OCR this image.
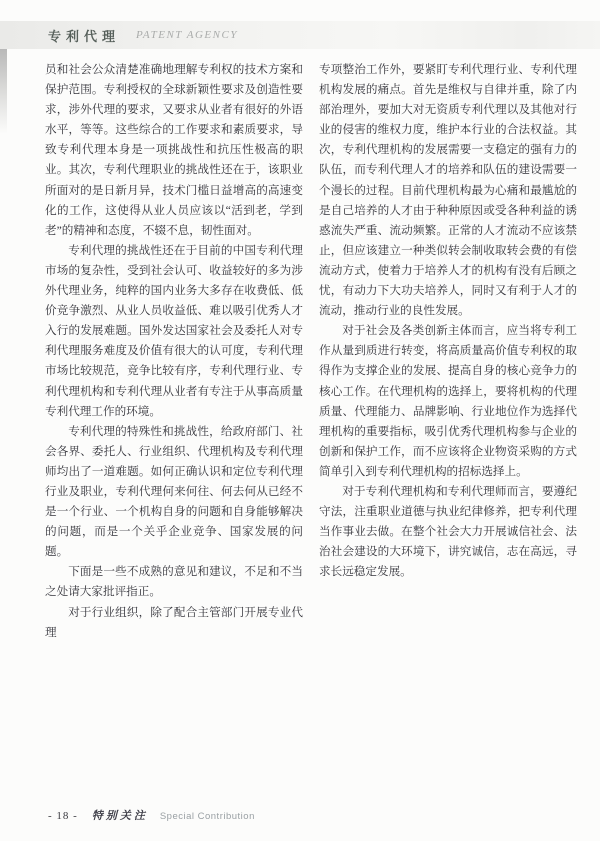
专利代理 PATENT AGENCY

员和社会公众清楚准确地理解专利权的技术方案和保护范围。专利授权的全球新颖性要求及创造性要求，涉外代理的要求，又要求从业者有很好的外语水平，等等。这些综合的工作要求和素质要求，导致专利代理本身是一项挑战性和抗压性极高的职业。其次，专利代理职业的挑战性还在于，该职业所面对的是日新月异，技术门槛日益增高的高速变化的工作，这使得从业人员应该以“活到老，学到老”的精神和态度，不辍不息，韧性面对。

专利代理的挑战性还在于目前的中国专利代理市场的复杂性，受到社会认可、收益较好的多为涉外代理业务，纯粹的国内业务大多存在收费低、低价竞争激烈、从业人员收益低、难以吸引优秀人才入行的发展难题。国外发达国家社会及委托人对专利代理服务难度及价值有很大的认可度，专利代理市场比较规范，竞争比较有序，专利代理行业、专利代理机构和专利代理从业者有专注于从事高质量专利代理工作的环境。

专利代理的特殊性和挑战性，给政府部门、社会各界、委托人、行业组织、代理机构及专利代理师均出了一道难题。如何正确认识和定位专利代理行业及职业，专利代理何来何往、何去何从已经不是一个行业、一个机构自身的问题和自身能够解决的问题，而是一个关乎企业竞争、国家发展的问题。

下面是一些不成熟的意见和建议，不足和不当之处请大家批评指正。

对于行业组织，除了配合主管部门开展专业代理

专项整治工作外，要紧盯专利代理行业、专利代理机构发展的痛点。首先是维权与自律并重，除了内部治理外，要加大对无资质专利代理以及其他对行业的侵害的维权力度，维护本行业的合法权益。其次，专利代理机构的发展需要一支稳定的强有力的队伍，而专利代理人才的培养和队伍的建设需要一个漫长的过程。目前代理机构最为心痛和最尴尬的是自己培养的人才由于种种原因或受各种利益的诱惑流失严重、流动频繁。正常的人才流动不应该禁止，但应该建立一种类似转会制收取转会费的有偿流动方式，使着力于培养人才的机构有没有后顾之忧，有动力下大功夫培养人，同时又有利于人才的流动，推动行业的良性发展。

对于社会及各类创新主体而言，应当将专利工作从量到质进行转变，将高质量高价值专利权的取得作为支撑企业的发展、提高自身的核心竞争力的核心工作。在代理机构的选择上，要将机构的代理质量、代理能力、品牌影响、行业地位作为选择代理机构的重要指标，吸引优秀代理机构参与企业的创新和保护工作，而不应该将企业物资采购的方式简单引入到专利代理机构的招标选择上。

对于专利代理机构和专利代理师而言，要遵纪守法，注重职业道德与执业纪律修养，把专利代理当作事业去做。在整个社会大力开展诚信社会、法治社会建设的大环境下，讲究诚信，志在高远，寻求长远稳定发展。

- 18 - 特别关注 Special Contribution
